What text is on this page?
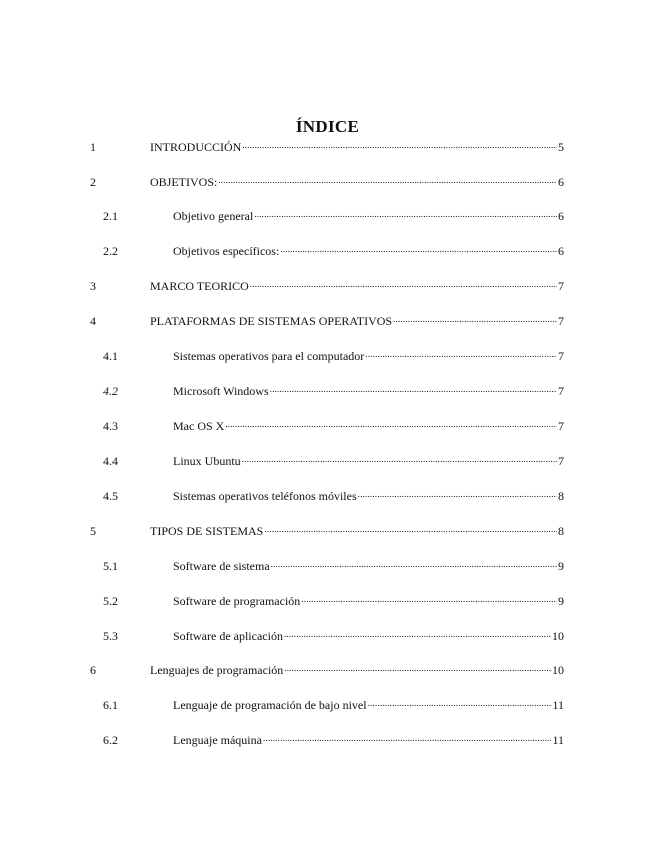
ÍNDICE
1	INTRODUCCIÓN .....	5
2	OBJETIVOS: .....	6
2.1	Objetivo general .....	6
2.2	Objetivos específicos: .....	6
3	MARCO TEORICO .....	7
4	PLATAFORMAS DE SISTEMAS OPERATIVOS .....	7
4.1	Sistemas operativos para el computador .....	7
4.2	Microsoft Windows .....	7
4.3	Mac OS X .....	7
4.4	Linux Ubuntu .....	7
4.5	Sistemas operativos teléfonos móviles .....	8
5	TIPOS DE SISTEMAS .....	8
5.1	Software de sistema .....	9
5.2	Software de programación .....	9
5.3	Software de aplicación .....	10
6	Lenguajes de programación .....	10
6.1	Lenguaje de programación de bajo nivel .....	11
6.2	Lenguaje máquina .....	11
